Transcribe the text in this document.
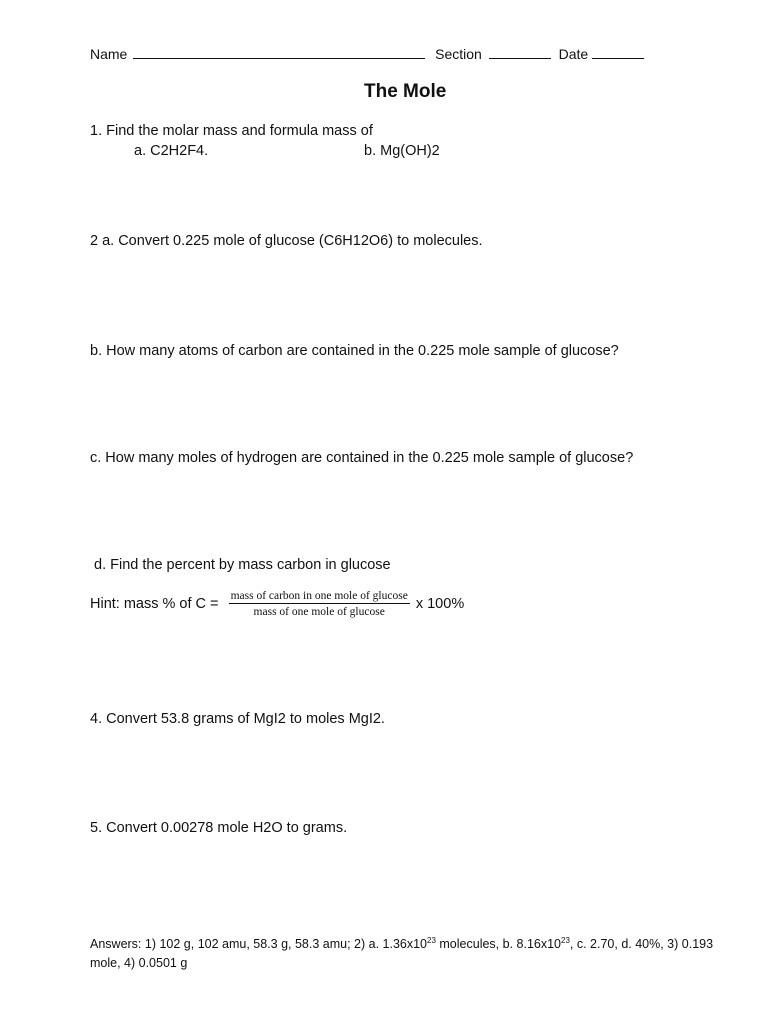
Name	Section	Date
The Mole
1. Find the molar mass and formula mass of
a. C2H2F4.	b. Mg(OH)2
2 a. Convert 0.225 mole of glucose (C6H12O6) to molecules.
b. How many atoms of carbon are contained in the 0.225 mole sample of glucose?
c. How many moles of hydrogen are contained in the 0.225 mole sample of glucose?
d. Find the percent by mass carbon in glucose
Hint: mass % of $C = \frac{\text{mass of carbon in one mole of glucose}}{\text{mass of one mole of glucose}}$ x 100%
4. Convert 53.8 grams of MgI2 to moles MgI2.
5. Convert 0.00278 mole H2O to grams.
Answers: 1) 102 g, 102 amu, 58.3 g, 58.3 amu; 2) a. $1.36x10^{23}$ molecules, b. $8.16x10^{23}$, c. 2.70, d. 40%, 3) 0.193 mole, 4) 0.0501 g
